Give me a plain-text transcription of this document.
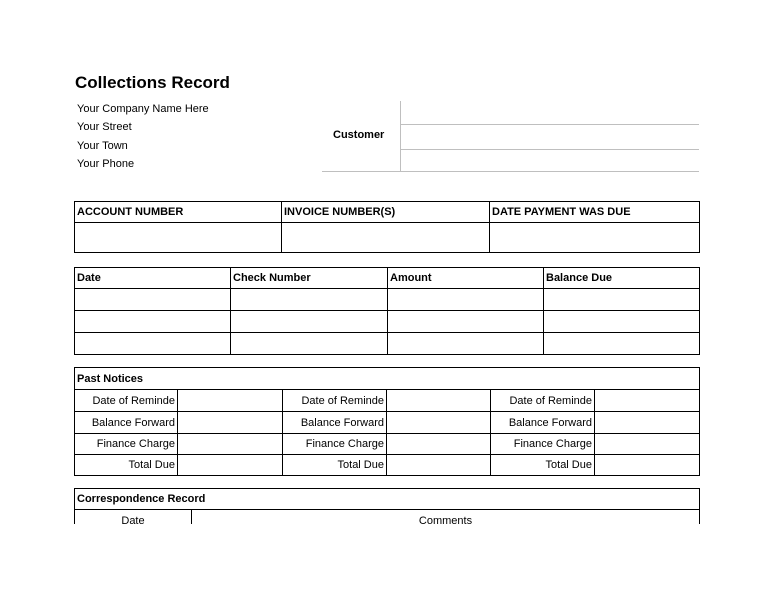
Collections Record
Your Company Name Here
Your Street
Your Town
Your Phone
Customer
ACCOUNT NUMBER	INVOICE NUMBER(S)	DATE PAYMENT WAS DUE

Date	Check Number	Amount	Balance Due

Past Notices					
Date of Reminde		Date of Reminde		Date of Reminde	
Balance Forward		Balance Forward		Balance Forward	
Finance Charge		Finance Charge		Finance Charge	
Total Due		Total Due		Total Due	
Correspondence Record
Date	Comments
